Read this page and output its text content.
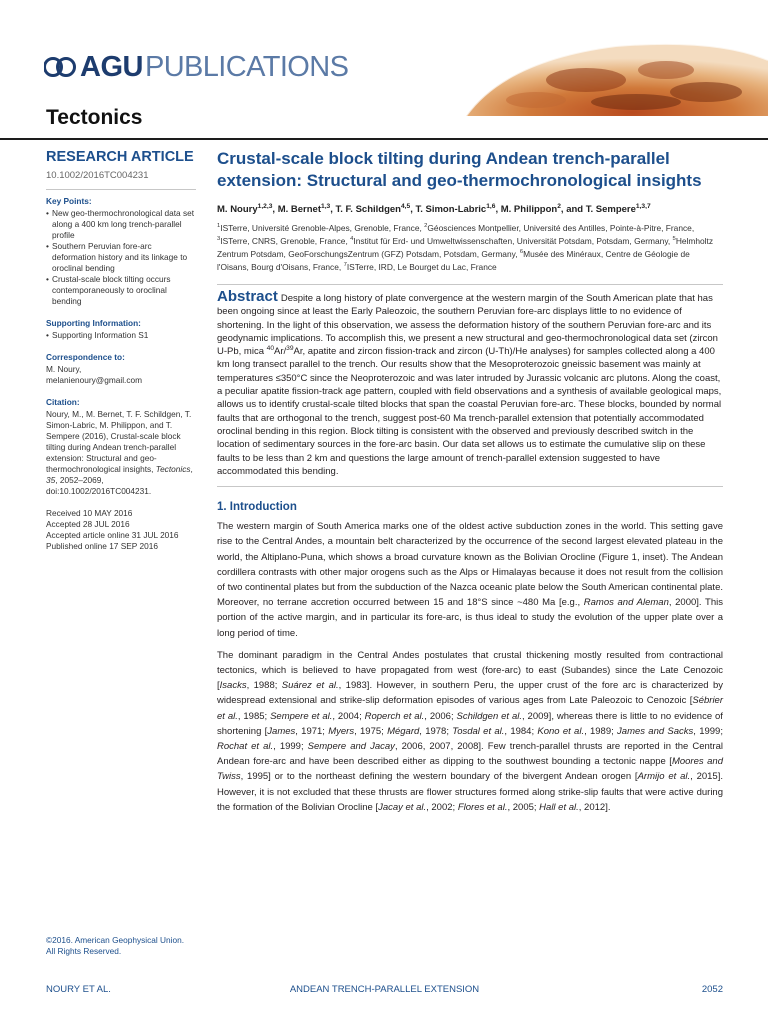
AGU PUBLICATIONS
Tectonics
RESEARCH ARTICLE
10.1002/2016TC004231
Key Points:
• New geo-thermochronological data set along a 400 km long trench-parallel profile
• Southern Peruvian fore-arc deformation history and its linkage to oroclinal bending
• Crustal-scale block tilting occurs contemporaneously to oroclinal bending
Supporting Information:
• Supporting Information S1
Correspondence to:
M. Noury,
melanienoury@gmail.com
Citation:
Noury, M., M. Bernet, T. F. Schildgen, T. Simon-Labric, M. Philippon, and T. Sempere (2016), Crustal-scale block tilting during Andean trench-parallel extension: Structural and geo-thermochronological insights, Tectonics, 35, 2052–2069, doi:10.1002/2016TC004231.
Received 10 MAY 2016
Accepted 28 JUL 2016
Accepted article online 31 JUL 2016
Published online 17 SEP 2016
©2016. American Geophysical Union.
All Rights Reserved.
Crustal-scale block tilting during Andean trench-parallel extension: Structural and geo-thermochronological insights
M. Noury$^{1,2,3}$, M. Bernet$^{1,3}$, T. F. Schildgen$^{4,5}$, T. Simon-Labric$^{1,6}$, M. Philippon$^2$, and T. Sempere$^{1,3,7}$
$^1$ISTerre, Université Grenoble-Alpes, Grenoble, France, $^2$Géosciences Montpellier, Université des Antilles, Pointe-à-Pitre, France, $^3$ISTerre, CNRS, Grenoble, France, $^4$Institut für Erd- und Umweltwissenschaften, Universität Potsdam, Potsdam, Germany, $^5$Helmholtz Zentrum Potsdam, GeoForschungsZentrum (GFZ) Potsdam, Potsdam, Germany, $^6$Musée des Minéraux, Centre de Géologie de l'Oisans, Bourg d'Oisans, France, $^7$ISTerre, IRD, Le Bourget du Lac, France

Abstract Despite a long history of plate convergence at the western margin of the South American plate that has been ongoing since at least the Early Paleozoic, the southern Peruvian fore-arc displays little to no evidence of shortening. In the light of this observation, we assess the deformation history of the southern Peruvian fore-arc and its geodynamic implications. To accomplish this, we present a new structural and geo-thermochronological data set (zircon U-Pb, mica $^{40}$Ar/$^{39}$Ar, apatite and zircon fission-track and zircon (U-Th)/He analyses) for samples collected along a 400 km long transect parallel to the trench. Our results show that the Mesoproterozoic gneissic basement was mainly at temperatures ≤350°C since the Neoproterozoic and was later intruded by Jurassic volcanic arc plutons. Along the coast, a peculiar apatite fission-track age pattern, coupled with field observations and a synthesis of available geological maps, allows us to identify crustal-scale tilted blocks that span the coastal Peruvian fore-arc. These blocks, bounded by normal faults that are orthogonal to the trench, suggest post-60 Ma trench-parallel extension that potentially accommodated oroclinal bending in this region. Block tilting is consistent with the observed and previously described switch in the location of sedimentary sources in the fore-arc basin. Our data set allows us to estimate the cumulative slip on these faults to be less than 2 km and questions the large amount of trench-parallel extension suggested to have accommodated this bending.

1. Introduction

The western margin of South America marks one of the oldest active subduction zones in the world. This setting gave rise to the Central Andes, a mountain belt characterized by the occurrence of the second largest elevated plateau in the world, the Altiplano-Puna, which shows a broad curvature known as the Bolivian Orocline (Figure 1, inset). The Andean cordillera contrasts with other major orogens such as the Alps or Himalayas because it does not result from the collision of two continental plates but from the subduction of the Nazca oceanic plate below the South American continental plate. Moreover, no terrane accretion occurred between 15 and 18°S since ~480 Ma [e.g., Ramos and Aleman, 2000]. This portion of the active margin, and in particular its fore-arc, is thus ideal to study the evolution of the upper plate over a long period of time.

The dominant paradigm in the Central Andes postulates that crustal thickening mostly resulted from contractional tectonics, which is believed to have propagated from west (fore-arc) to east (Subandes) since the Late Cenozoic [Isacks, 1988; Suárez et al., 1983]. However, in southern Peru, the upper crust of the fore arc is characterized by widespread extensional and strike-slip deformation episodes of various ages from Late Paleozoic to Cenozoic [Sébrier et al., 1985; Sempere et al., 2004; Roperch et al., 2006; Schildgen et al., 2009], whereas there is little to no evidence of shortening [James, 1971; Myers, 1975; Mégard, 1978; Tosdal et al., 1984; Kono et al., 1989; James and Sacks, 1999; Rochat et al., 1999; Sempere and Jacay, 2006, 2007, 2008]. Few trench-parallel thrusts are reported in the Central Andean fore-arc and have been described either as dipping to the southwest bounding a tectonic nappe [Moores and Twiss, 1995] or to the northeast defining the western boundary of the bivergent Andean orogen [Armijo et al., 2015]. However, it is not excluded that these thrusts are flower structures formed along strike-slip faults that were active during the formation of the Bolivian Orocline [Jacay et al., 2002; Flores et al., 2005; Hall et al., 2012].

NOURY ET AL.	ANDEAN TRENCH-PARALLEL EXTENSION	2052
